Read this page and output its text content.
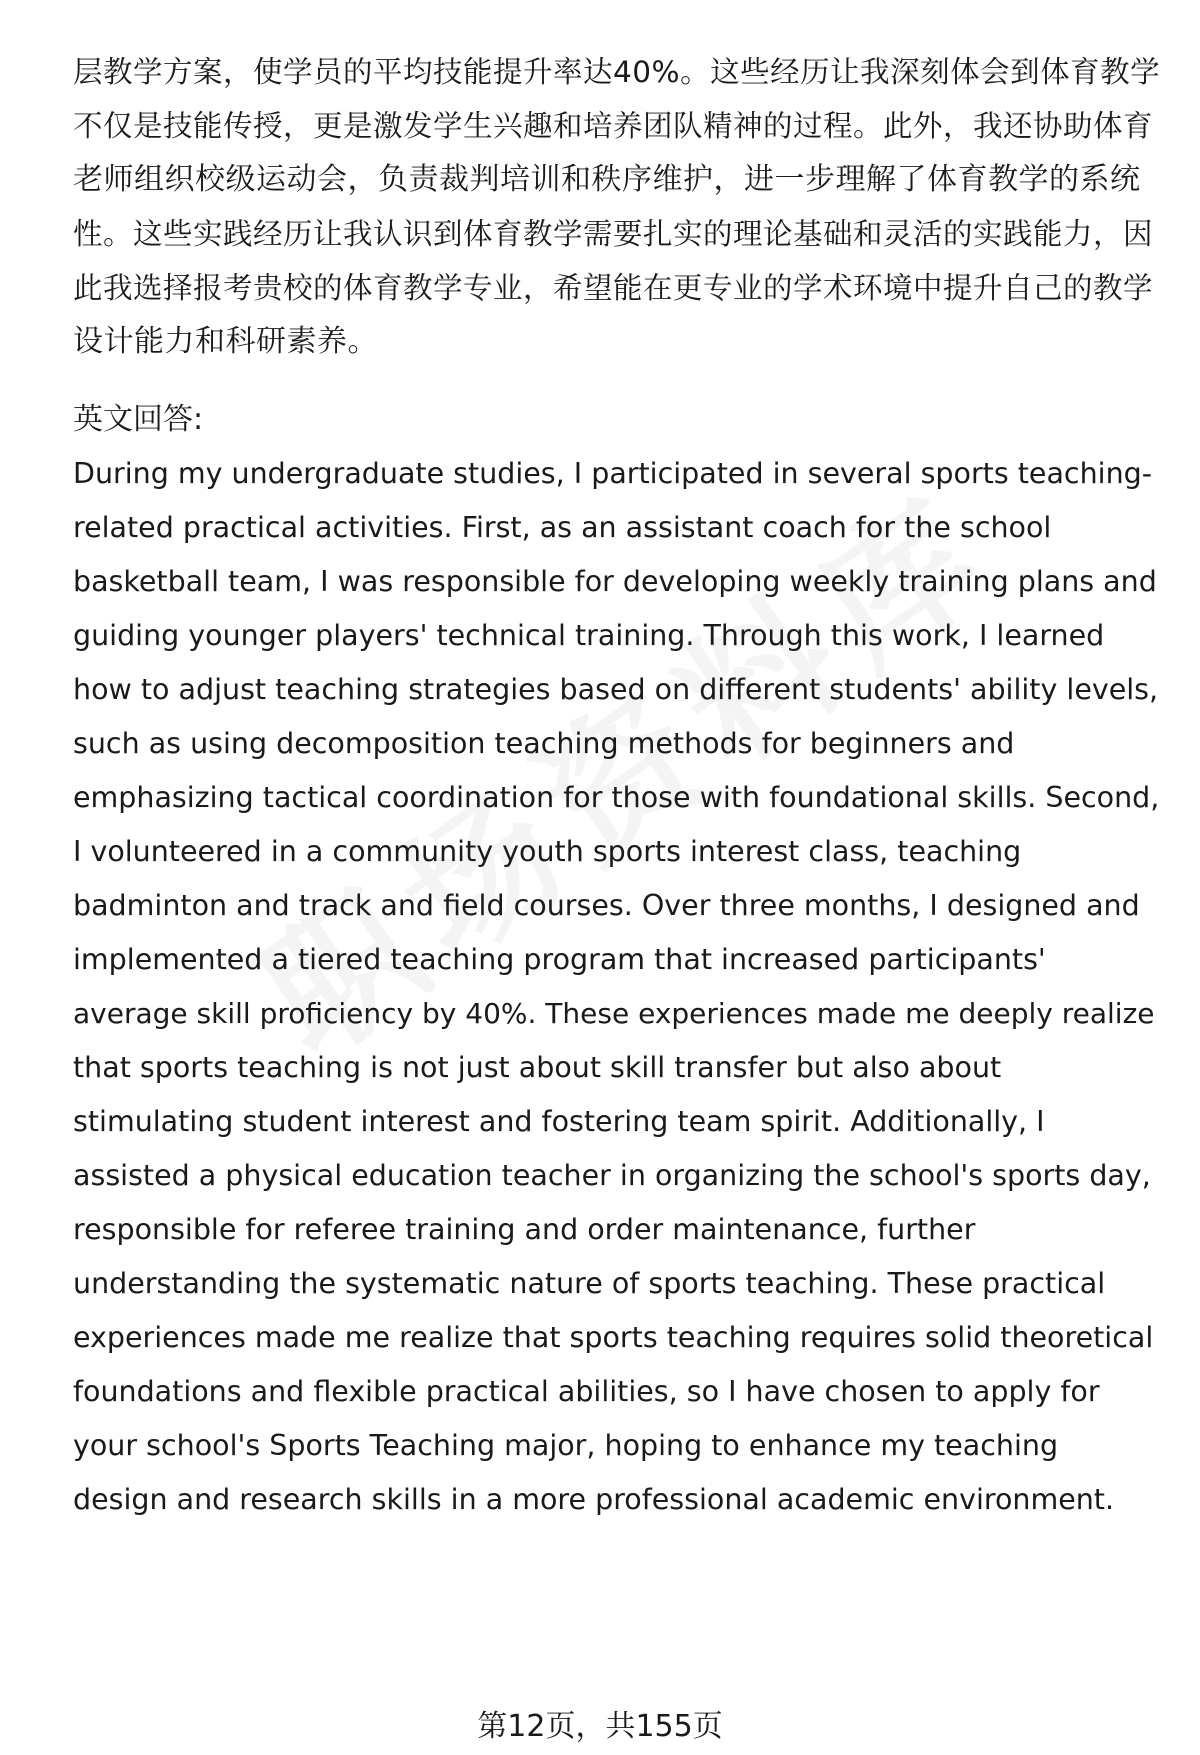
层教学方案，使学员的平均技能提升率达40%。这些经历让我深刻体会到体育教学
不仅是技能传授，更是激发学生兴趣和培养团队精神的过程。此外，我还协助体育
老师组织校级运动会，负责裁判培训和秩序维护，进一步理解了体育教学的系统
性。这些实践经历让我认识到体育教学需要扎实的理论基础和灵活的实践能力，因
此我选择报考贵校的体育教学专业，希望能在更专业的学术环境中提升自己的教学
设计能力和科研素养。
英文回答:
During my undergraduate studies, I participated in several sports teaching-
related practical activities. First, as an assistant coach for the school
basketball team, I was responsible for developing weekly training plans and
guiding younger players' technical training. Through this work, I learned
how to adjust teaching strategies based on different students' ability levels,
such as using decomposition teaching methods for beginners and
emphasizing tactical coordination for those with foundational skills. Second,
I volunteered in a community youth sports interest class, teaching
badminton and track and field courses. Over three months, I designed and
implemented a tiered teaching program that increased participants'
average skill proficiency by 40%. These experiences made me deeply realize
that sports teaching is not just about skill transfer but also about
stimulating student interest and fostering team spirit. Additionally, I
assisted a physical education teacher in organizing the school's sports day,
responsible for referee training and order maintenance, further
understanding the systematic nature of sports teaching. These practical
experiences made me realize that sports teaching requires solid theoretical
foundations and flexible practical abilities, so I have chosen to apply for
your school's Sports Teaching major, hoping to enhance my teaching
design and research skills in a more professional academic environment.
第12页，共155页
